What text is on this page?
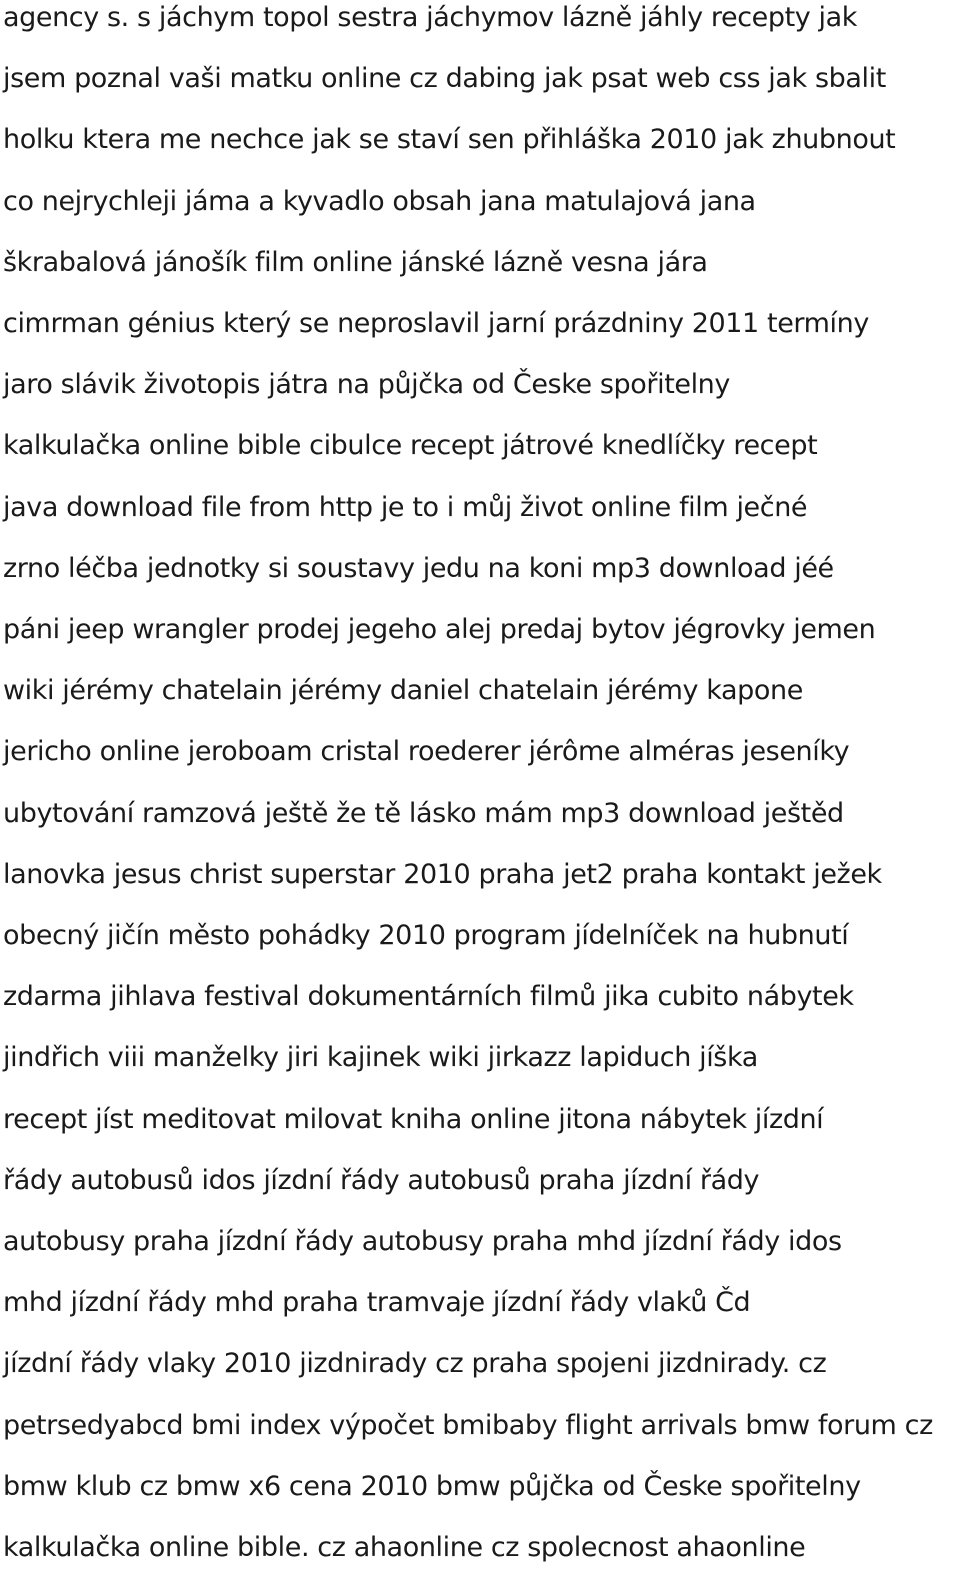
agency s. s jáchym topol sestra jáchymov lázně jáhly recepty jak
jsem poznal vaši matku online cz dabing jak psat web css jak sbalit
holku ktera me nechce jak se staví sen přihláška 2010 jak zhubnout
co nejrychleji jáma a kyvadlo obsah jana matulajová jana
škrabalová jánošík film online jánské lázně vesna jára
cimrman génius který se neproslavil jarní prázdniny 2011 termíny
jaro slávik životopis játra na půjčka od Česke spořitelny
kalkulačka online bible cibulce recept játrové knedlíčky recept
java download file from http je to i můj život online film ječné
zrno léčba jednotky si soustavy jedu na koni mp3 download jéé
páni jeep wrangler prodej jegeho alej predaj bytov jégrovky jemen
wiki jérémy chatelain jérémy daniel chatelain jérémy kapone
jericho online jeroboam cristal roederer jérôme alméras jeseníky
ubytování ramzová ještě že tě lásko mám mp3 download ještěd
lanovka jesus christ superstar 2010 praha jet2 praha kontakt ježek
obecný jičín město pohádky 2010 program jídelníček na hubnutí
zdarma jihlava festival dokumentárních filmů jika cubito nábytek
jindřich viii manželky jiri kajinek wiki jirkazz lapiduch jíška
recept jíst meditovat milovat kniha online jitona nábytek jízdní
řády autobusů idos jízdní řády autobusů praha jízdní řády
autobusy praha jízdní řády autobusy praha mhd jízdní řády idos
mhd jízdní řády mhd praha tramvaje jízdní řády vlaků Čd
jízdní řády vlaky 2010 jizdnirady cz praha spojeni jizdnirady. cz
petrsedyabcd bmi index výpočet bmibaby flight arrivals bmw forum cz
bmw klub cz bmw x6 cena 2010 bmw půjčka od Česke spořitelny
kalkulačka online bible. cz ahaonline cz spolecnost ahaonline
